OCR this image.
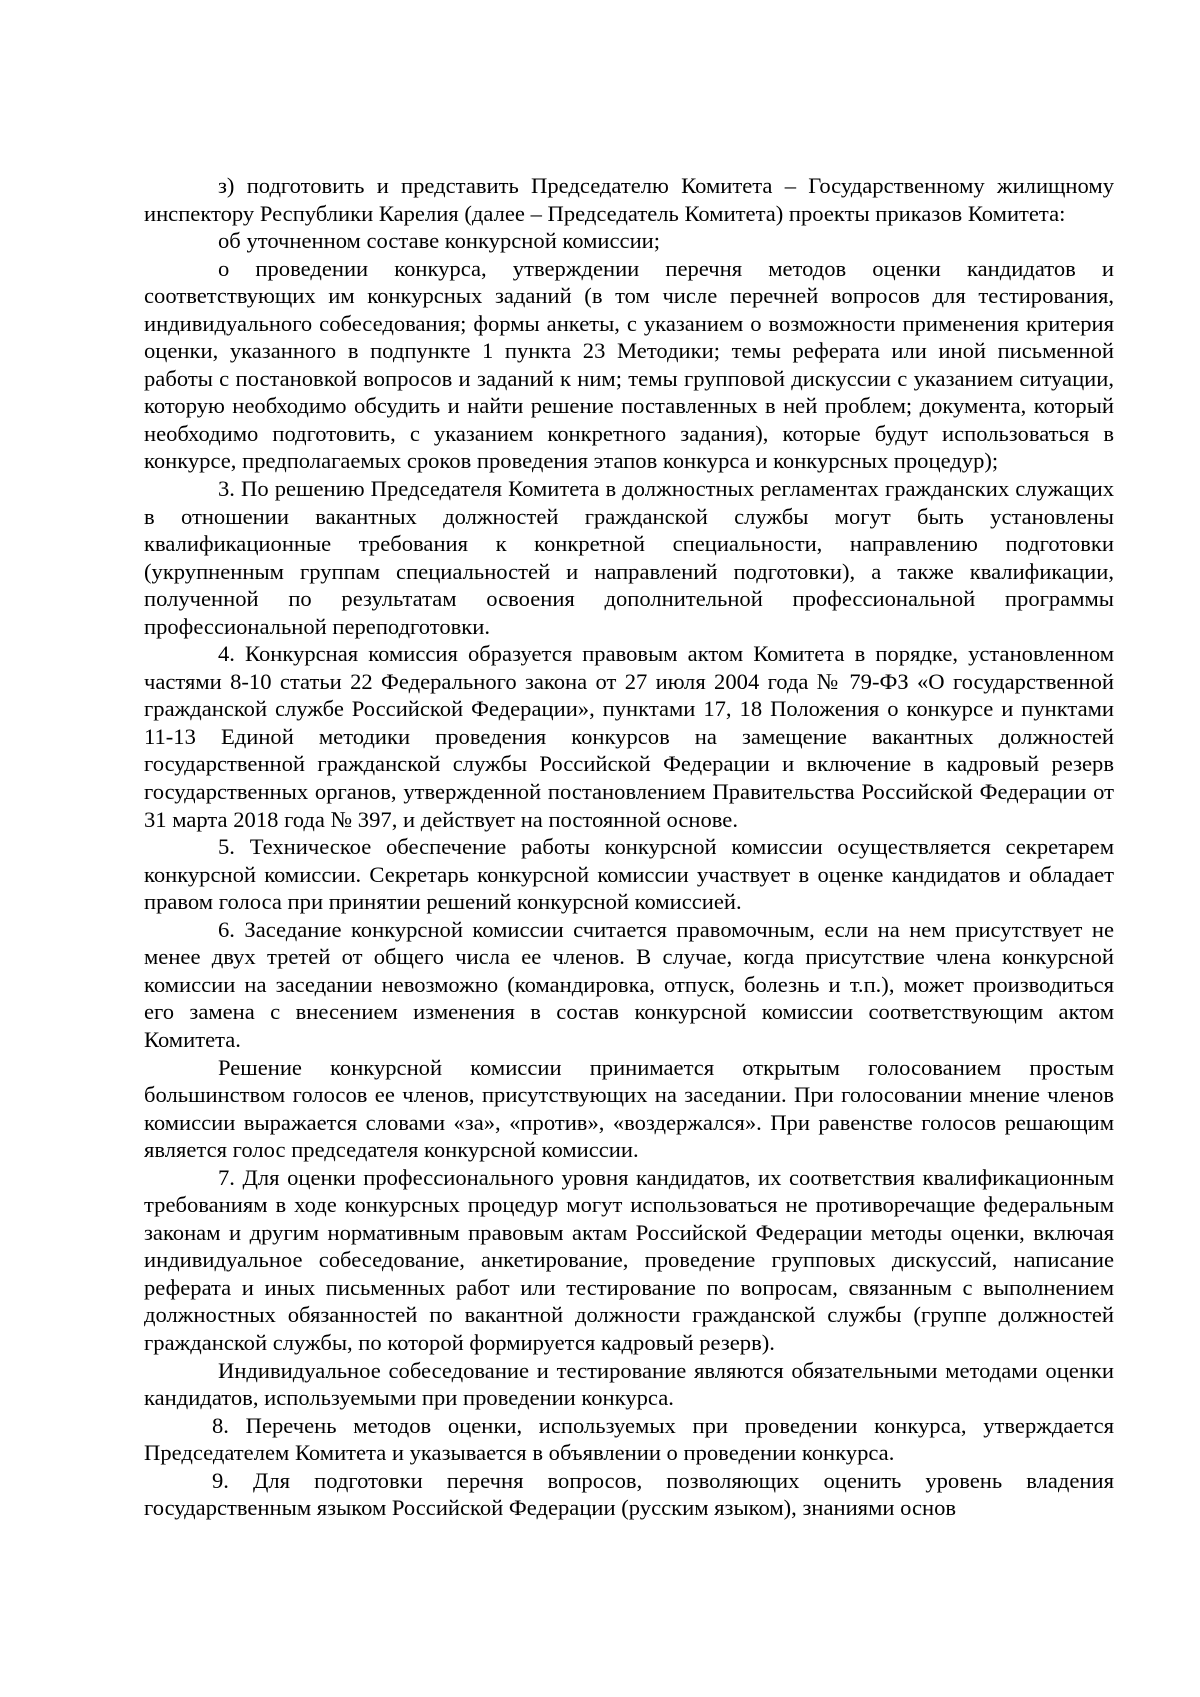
з) подготовить и представить Председателю Комитета – Государственному жилищному инспектору Республики Карелия (далее – Председатель Комитета) проекты приказов Комитета:

об уточненном составе конкурсной комиссии;

о проведении конкурса, утверждении перечня методов оценки кандидатов и соответствующих им конкурсных заданий (в том числе перечней вопросов для тестирования, индивидуального собеседования; формы анкеты, с указанием о возможности применения критерия оценки, указанного в подпункте 1 пункта 23 Методики; темы реферата или иной письменной работы с постановкой вопросов и заданий к ним; темы групповой дискуссии с указанием ситуации, которую необходимо обсудить и найти решение поставленных в ней проблем; документа, который необходимо подготовить, с указанием конкретного задания), которые будут использоваться в конкурсе, предполагаемых сроков проведения этапов конкурса и конкурсных процедур);

3. По решению Председателя Комитета в должностных регламентах гражданских служащих в отношении вакантных должностей гражданской службы могут быть установлены квалификационные требования к конкретной специальности, направлению подготовки (укрупненным группам специальностей и направлений подготовки), а также квалификации, полученной по результатам освоения дополнительной профессиональной программы профессиональной переподготовки.

4. Конкурсная комиссия образуется правовым актом Комитета в порядке, установленном частями 8-10 статьи 22 Федерального закона от 27 июля 2004 года № 79-ФЗ «О государственной гражданской службе Российской Федерации», пунктами 17, 18 Положения о конкурсе и пунктами 11-13 Единой методики проведения конкурсов на замещение вакантных должностей государственной гражданской службы Российской Федерации и включение в кадровый резерв государственных органов, утвержденной постановлением Правительства Российской Федерации от 31 марта 2018 года № 397, и действует на постоянной основе.

5. Техническое обеспечение работы конкурсной комиссии осуществляется секретарем конкурсной комиссии. Секретарь конкурсной комиссии участвует в оценке кандидатов и обладает правом голоса при принятии решений конкурсной комиссией.

6. Заседание конкурсной комиссии считается правомочным, если на нем присутствует не менее двух третей от общего числа ее членов. В случае, когда присутствие члена конкурсной комиссии на заседании невозможно (командировка, отпуск, болезнь и т.п.), может производиться его замена с внесением изменения в состав конкурсной комиссии соответствующим актом Комитета.

Решение конкурсной комиссии принимается открытым голосованием простым большинством голосов ее членов, присутствующих на заседании. При голосовании мнение членов комиссии выражается словами «за», «против», «воздержался». При равенстве голосов решающим является голос председателя конкурсной комиссии.

7. Для оценки профессионального уровня кандидатов, их соответствия квалификационным требованиям в ходе конкурсных процедур могут использоваться не противоречащие федеральным законам и другим нормативным правовым актам Российской Федерации методы оценки, включая индивидуальное собеседование, анкетирование, проведение групповых дискуссий, написание реферата и иных письменных работ или тестирование по вопросам, связанным с выполнением должностных обязанностей по вакантной должности гражданской службы (группе должностей гражданской службы, по которой формируется кадровый резерв).

Индивидуальное собеседование и тестирование являются обязательными методами оценки кандидатов, используемыми при проведении конкурса.

8. Перечень методов оценки, используемых при проведении конкурса, утверждается Председателем Комитета и указывается в объявлении о проведении конкурса.

9. Для подготовки перечня вопросов, позволяющих оценить уровень владения государственным языком Российской Федерации (русским языком), знаниями основ
